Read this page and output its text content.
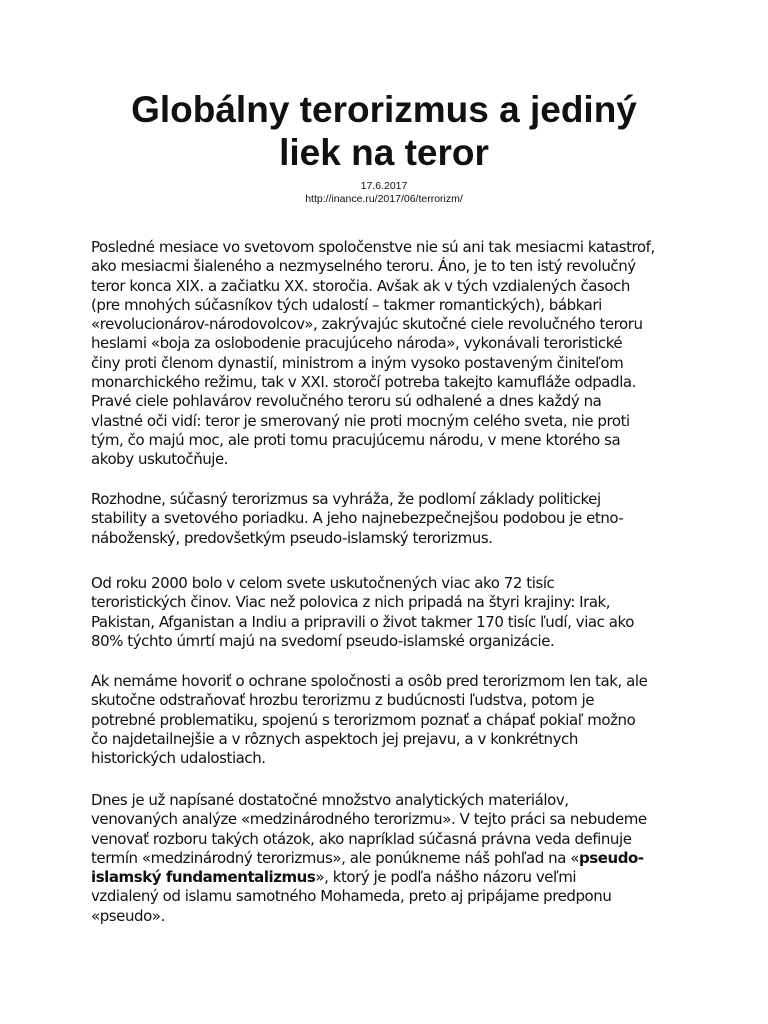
Globálny terorizmus a jediný
liek na teror
17.6.2017
http://inance.ru/2017/06/terrorizm/

Posledné mesiace vo svetovom spoločenstve nie sú ani tak mesiacmi katastrof,
ako mesiacmi šialeného a nezmyselného teroru. Áno, je to ten istý revolučný
teror konca XIX. a začiatku XX. storočia. Avšak ak v tých vzdialených časoch
(pre mnohých súčasníkov tých udalostí – takmer romantických), bábkari
«revolucionárov-národovolcov», zakrývajúc skutočné ciele revolučného teroru
heslami «boja za oslobodenie pracujúceho národa», vykonávali teroristické
činy proti členom dynastií, ministrom a iným vysoko postaveným činiteľom
monarchického režimu, tak v XXI. storočí potreba takejto kamufláže odpadla.
Pravé ciele pohlavárov revolučného teroru sú odhalené a dnes každý na
vlastné oči vidí: teror je smerovaný nie proti mocným celého sveta, nie proti
tým, čo majú moc, ale proti tomu pracujúcemu národu, v mene ktorého sa
akoby uskutočňuje.

Rozhodne, súčasný terorizmus sa vyhráža, že podlomí základy politickej
stability a svetového poriadku. A jeho najnebezpečnejšou podobou je etno-
náboženský, predovšetkým pseudo-islamský terorizmus.

Od roku 2000 bolo v celom svete uskutočnených viac ako 72 tisíc
teroristických činov. Viac než polovica z nich pripadá na štyri krajiny: Irak,
Pakistan, Afganistan a Indiu a pripravili o život takmer 170 tisíc ľudí, viac ako
80% týchto úmrtí majú na svedomí pseudo-islamské organizácie.

Ak nemáme hovoriť o ochrane spoločnosti a osôb pred terorizmom len tak, ale
skutočne odstraňovať hrozbu terorizmu z budúcnosti ľudstva, potom je
potrebné problematiku, spojenú s terorizmom poznať a chápať pokiaľ možno
čo najdetailnejšie a v rôznych aspektoch jej prejavu, a v konkrétnych
historických udalostiach.

Dnes je už napísané dostatočné množstvo analytických materiálov,
venovaných analýze «medzinárodného terorizmu». V tejto práci sa nebudeme
venovať rozboru takých otázok, ako napríklad súčasná právna veda definuje
termín «medzinárodný terorizmus», ale ponúkneme náš pohľad na «pseudo-
islamský fundamentalizmus», ktorý je podľa nášho názoru veľmi
vzdialený od islamu samotného Mohameda, preto aj pripájame predponu
«pseudo».
